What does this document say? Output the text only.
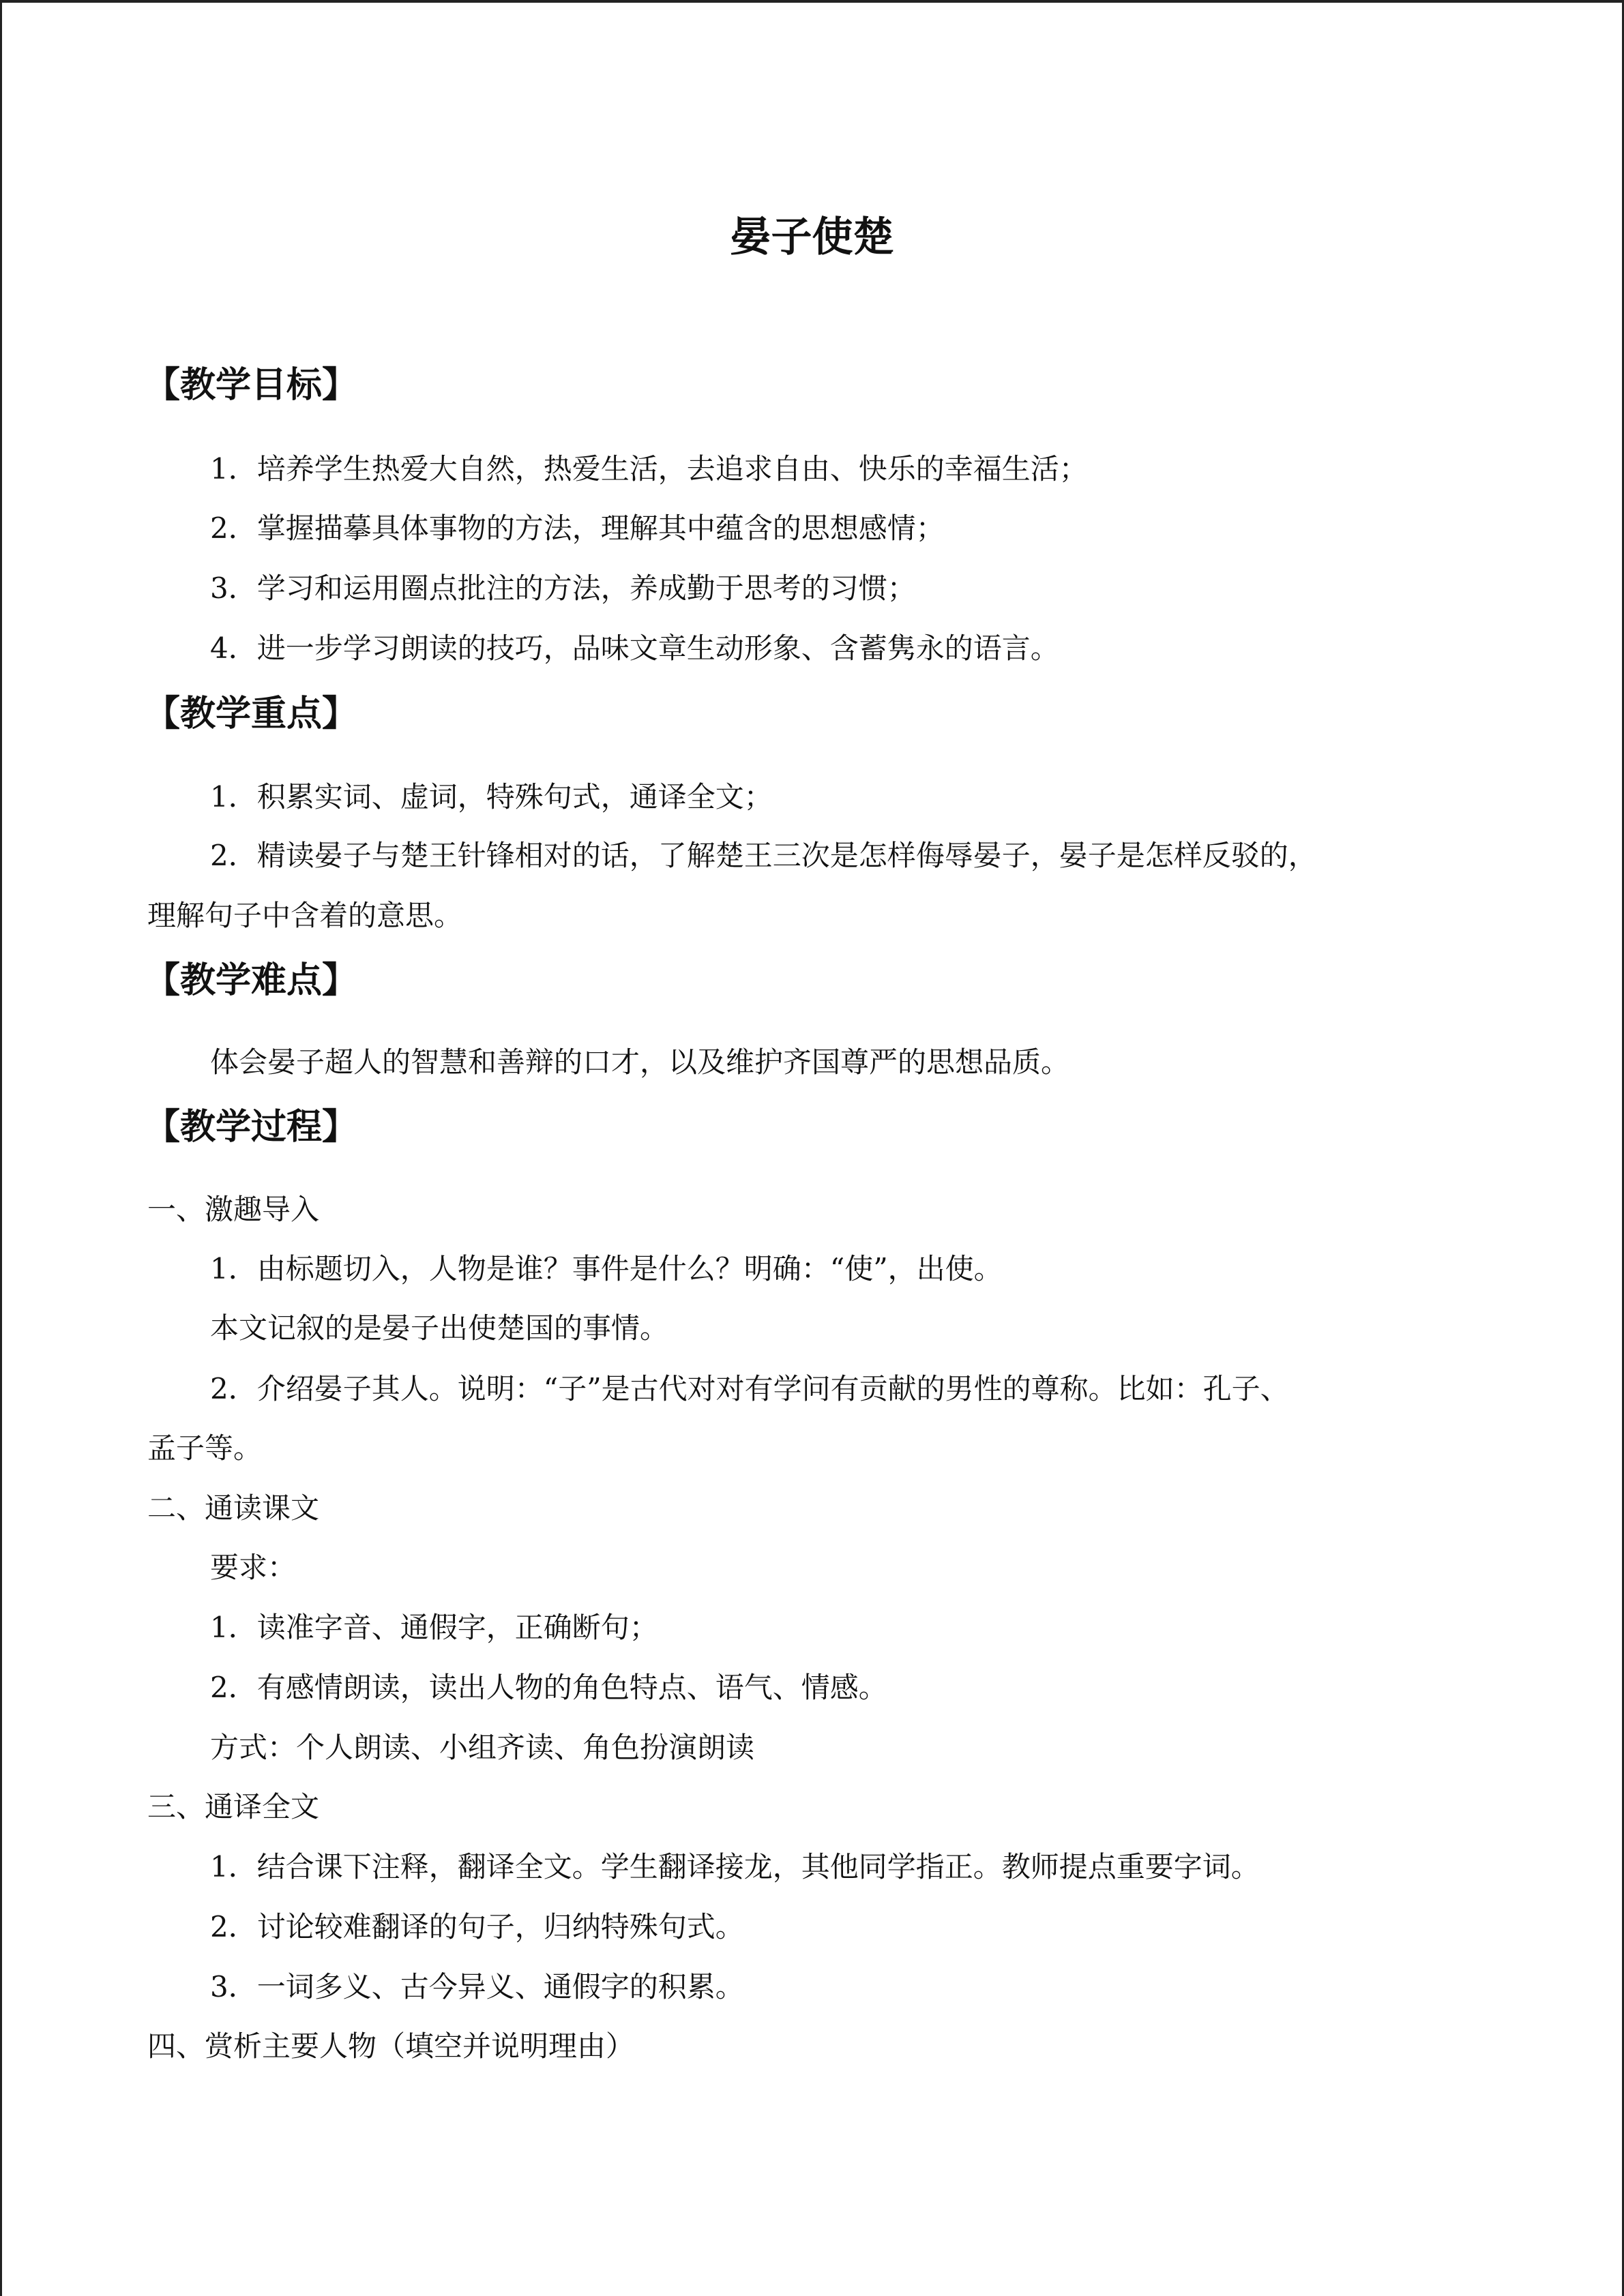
晏子使楚
【教学目标】

1．培养学生热爱大自然，热爱生活，去追求自由、快乐的幸福生活；

2．掌握描摹具体事物的方法，理解其中蕴含的思想感情；

3．学习和运用圈点批注的方法，养成勤于思考的习惯；

4．进一步学习朗读的技巧，品味文章生动形象、含蓄隽永的语言。

【教学重点】

1．积累实词、虚词，特殊句式，通译全文；

2．精读晏子与楚王针锋相对的话，了解楚王三次是怎样侮辱晏子，晏子是怎样反驳的，

理解句子中含着的意思。

【教学难点】

体会晏子超人的智慧和善辩的口才，以及维护齐国尊严的思想品质。

【教学过程】

一、激趣导入

1．由标题切入，人物是谁？事件是什么？明确：“使”，出使。

本文记叙的是晏子出使楚国的事情。

2．介绍晏子其人。说明：“子”是古代对对有学问有贡献的男性的尊称。比如：孔子、

孟子等。

二、通读课文

要求：

1．读准字音、通假字，正确断句；

2．有感情朗读，读出人物的角色特点、语气、情感。

方式：个人朗读、小组齐读、角色扮演朗读

三、通译全文

1．结合课下注释，翻译全文。学生翻译接龙，其他同学指正。教师提点重要字词。

2．讨论较难翻译的句子，归纳特殊句式。

3．一词多义、古今异义、通假字的积累。

四、赏析主要人物（填空并说明理由）
